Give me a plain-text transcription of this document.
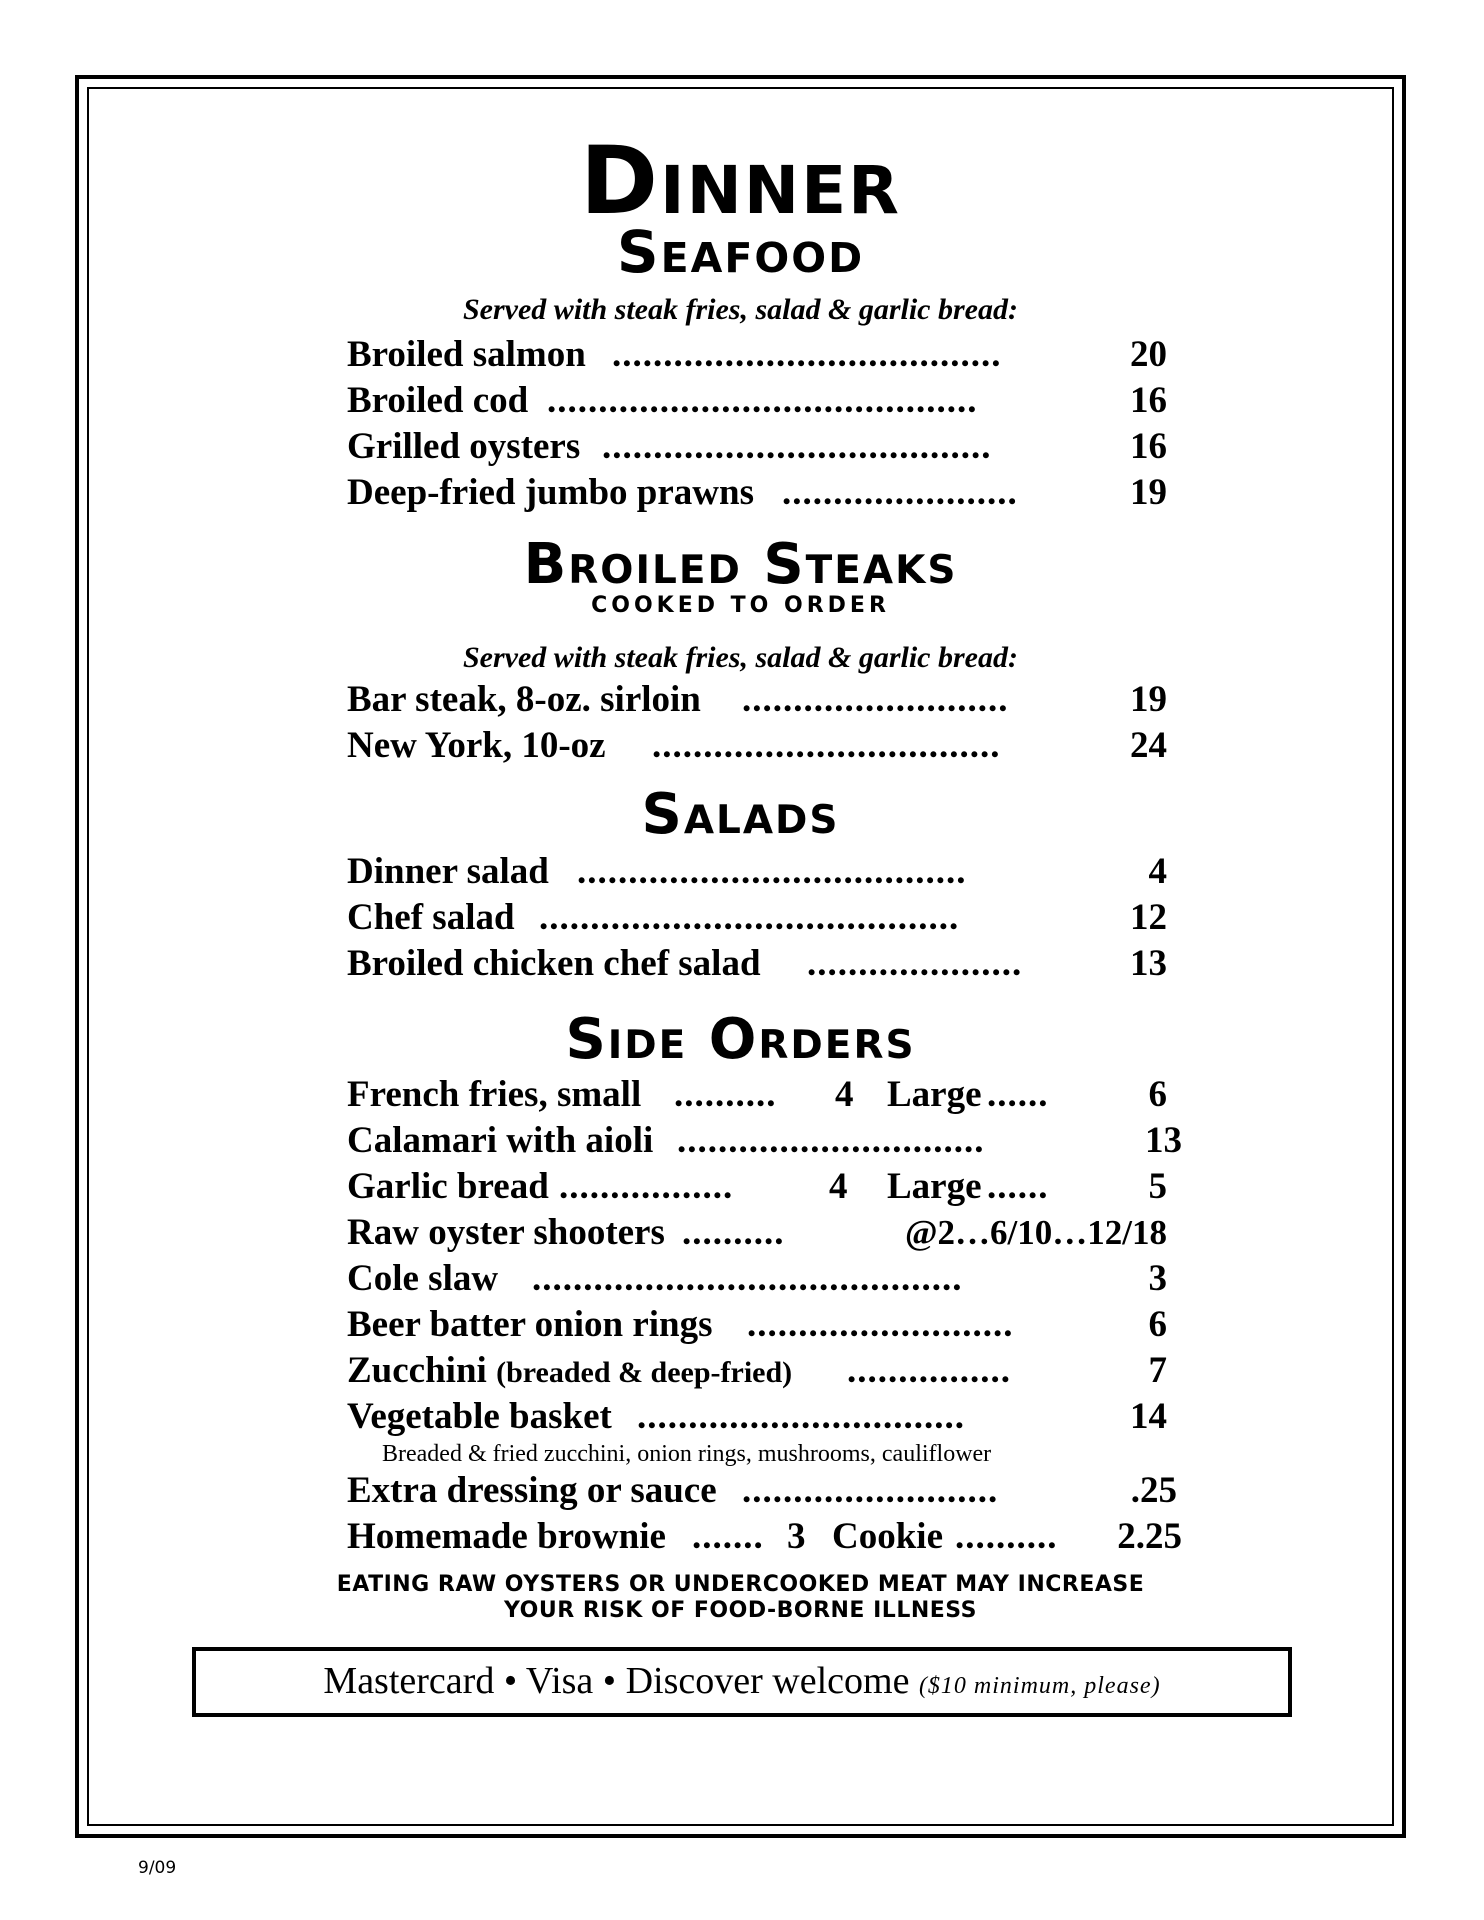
Dinner
Seafood
Served with steak fries, salad & garlic bread:
Broiled salmon ......................................	20
Broiled cod ..........................................	16
Grilled oysters ......................................	16
Deep-fried jumbo prawns .......................	19
Broiled Steaks
COOKED TO ORDER
Served with steak fries, salad & garlic bread:
Bar steak, 8-oz. sirloin ..........................	19
New York, 10-oz ..................................	24
Salads
Dinner salad ......................................	4
Chef salad .........................................	12
Broiled chicken chef salad .....................	13
Side Orders
French fries, small .......... 4 Large ......	6
Calamari with aioli ..............................	13
Garlic bread .................	4 Large ......	5
Raw oyster shooters ..........	@2…6/10…12/18
Cole slaw ..........................................	3
Beer batter onion rings ..........................	6
Zucchini (breaded & deep-fried) ................	7
Vegetable basket ................................	14
Breaded & fried zucchini, onion rings, mushrooms, cauliflower
Extra dressing or sauce .........................	.25
Homemade brownie ....... 3 Cookie .......... 2.25
EATING RAW OYSTERS OR UNDERCOOKED MEAT MAY INCREASE
YOUR RISK OF FOOD-BORNE ILLNESS
Mastercard • Visa • Discover welcome ($10 minimum, please)
9/09
